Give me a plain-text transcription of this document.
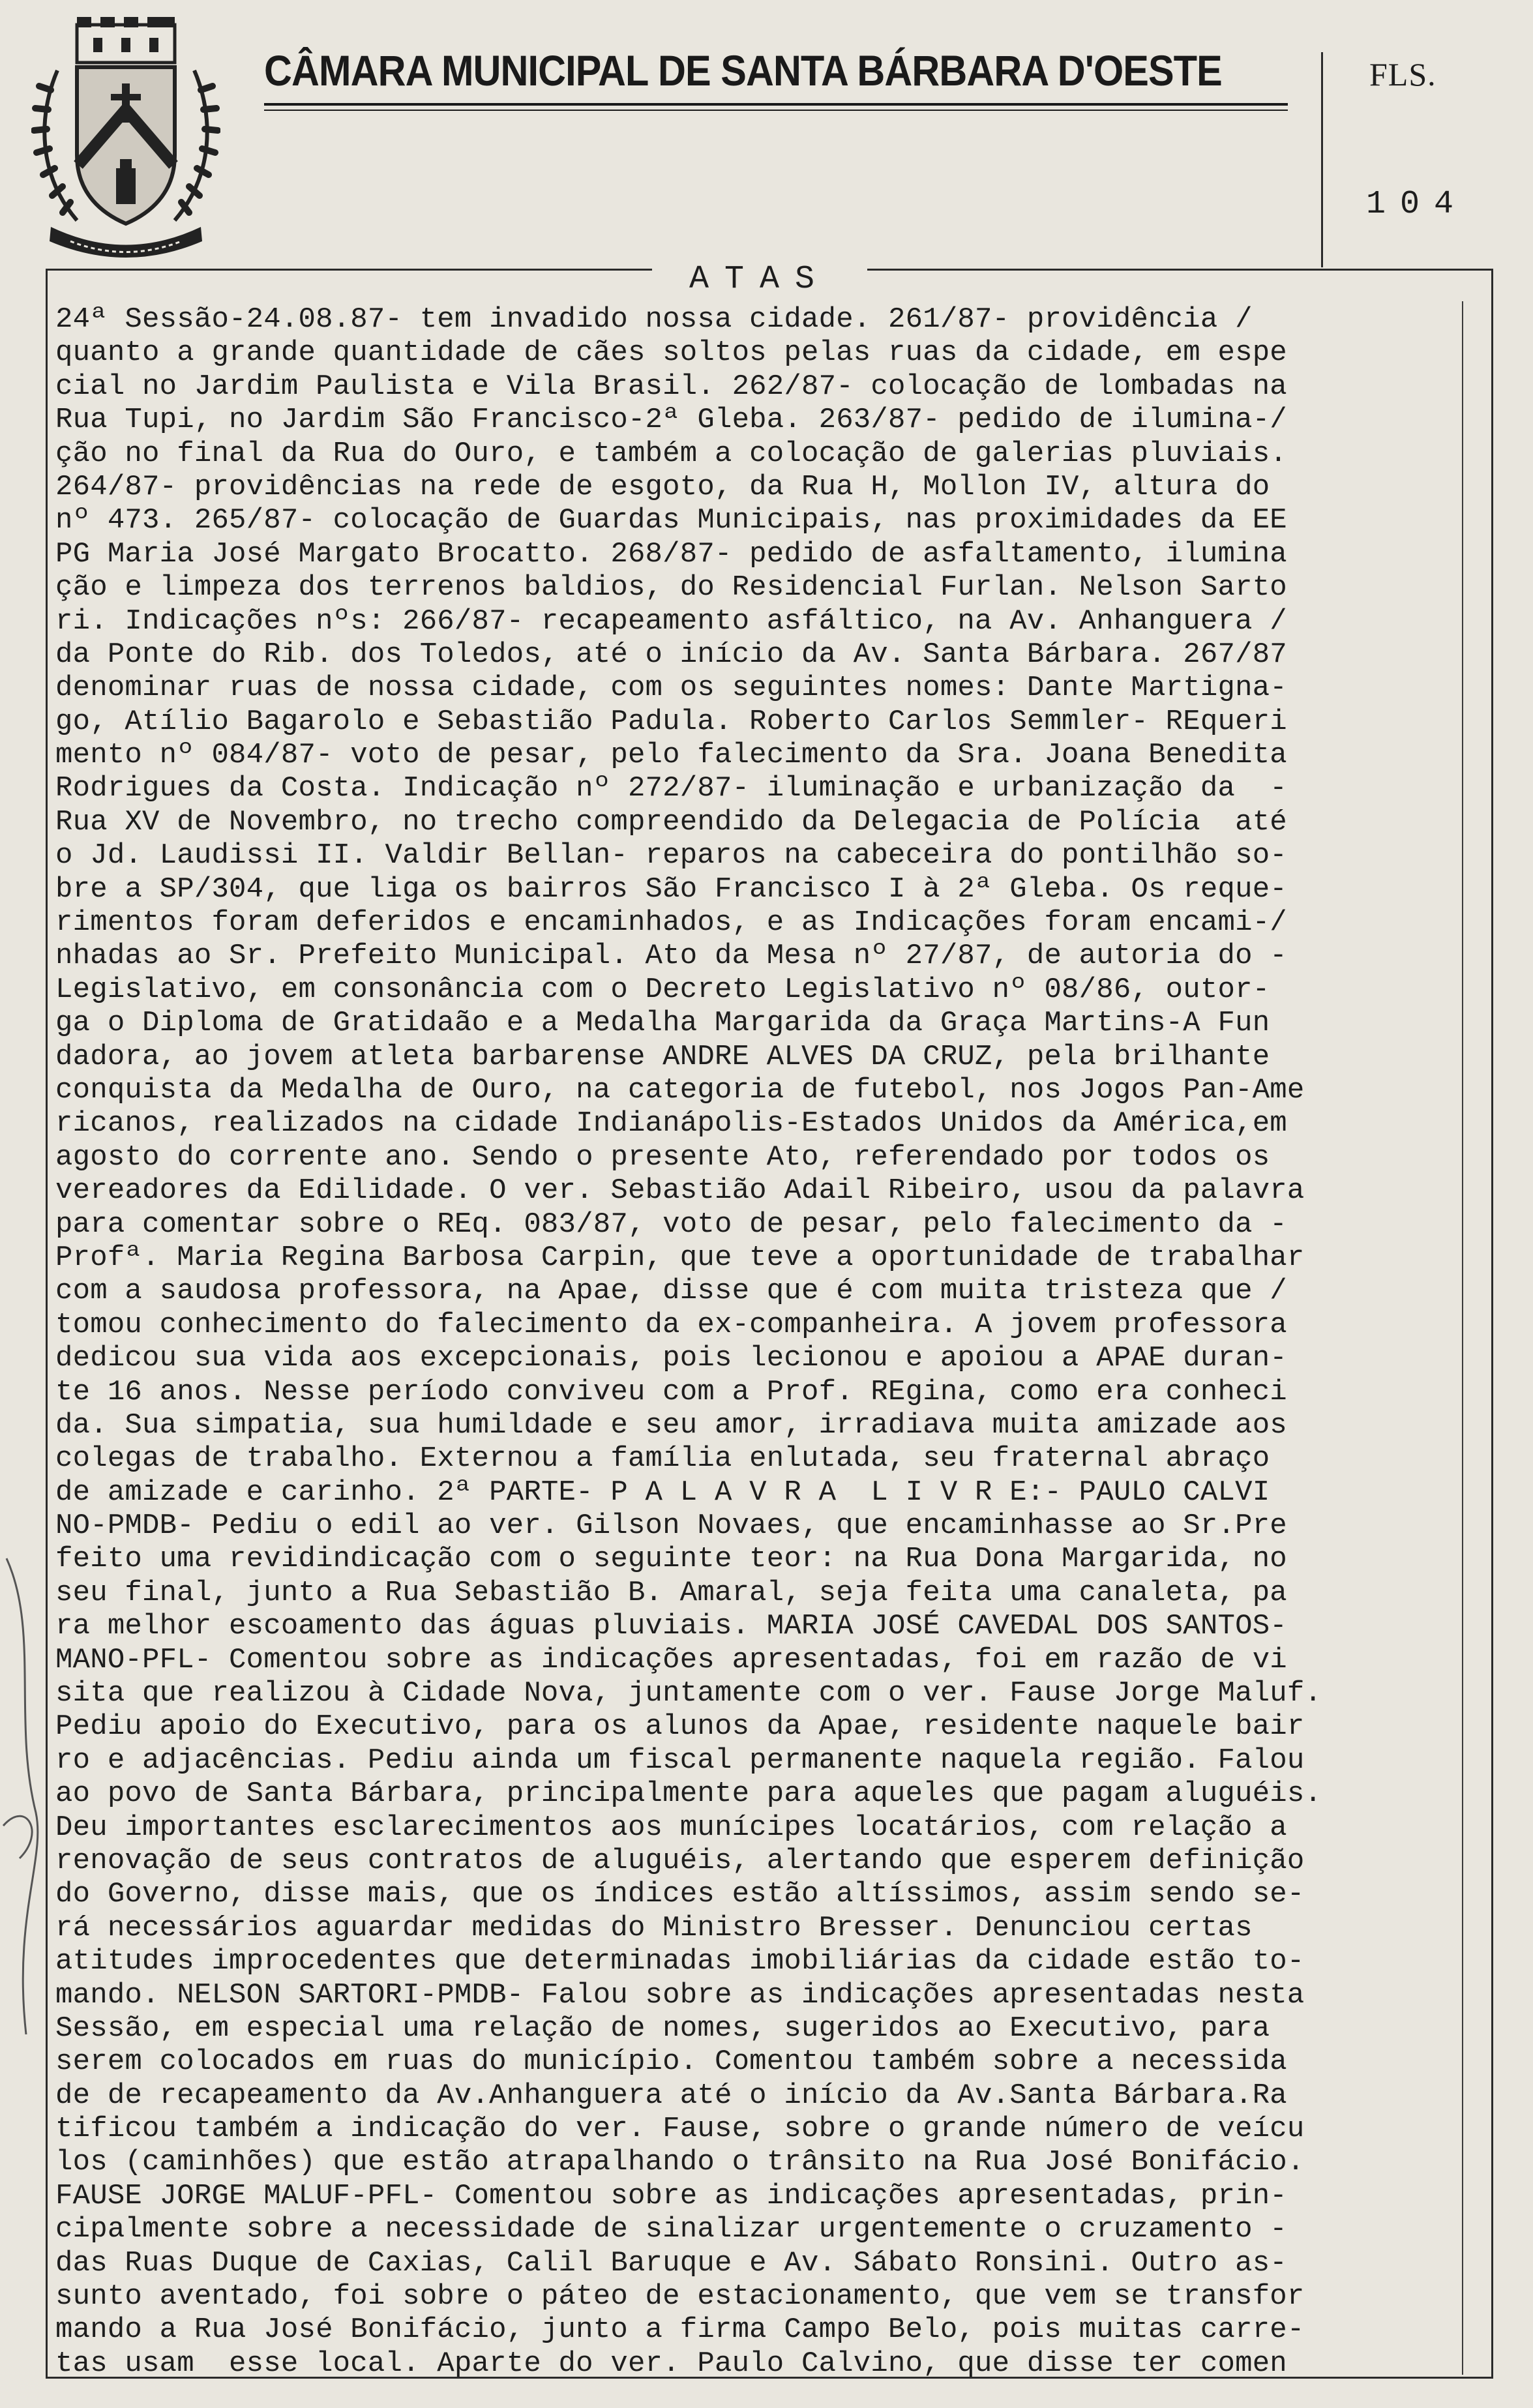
CÂMARA MUNICIPAL DE SANTA BÁRBARA D'OESTE	FLS.
104
ATAS
24ª Sessão-24.08.87- tem invadido nossa cidade. 261/87- providência /
quanto a grande quantidade de cães soltos pelas ruas da cidade, em espe
cial no Jardim Paulista e Vila Brasil. 262/87- colocação de lombadas na
Rua Tupi, no Jardim São Francisco-2ª Gleba. 263/87- pedido de ilumina-/
ção no final da Rua do Ouro, e também a colocação de galerias pluviais.
264/87- providências na rede de esgoto, da Rua H, Mollon IV, altura do
nº 473. 265/87- colocação de Guardas Municipais, nas proximidades da EE
PG Maria José Margato Brocatto. 268/87- pedido de asfaltamento, ilumina
ção e limpeza dos terrenos baldios, do Residencial Furlan. Nelson Sarto
ri. Indicações nºs: 266/87- recapeamento asfáltico, na Av. Anhanguera /
da Ponte do Rib. dos Toledos, até o início da Av. Santa Bárbara. 267/87
denominar ruas de nossa cidade, com os seguintes nomes: Dante Martigna-
go, Atílio Bagarolo e Sebastião Padula. Roberto Carlos Semmler- REqueri
mento nº 084/87- voto de pesar, pelo falecimento da Sra. Joana Benedita
Rodrigues da Costa. Indicação nº 272/87- iluminação e urbanização da  -
Rua XV de Novembro, no trecho compreendido da Delegacia de Polícia  até
o Jd. Laudissi II. Valdir Bellan- reparos na cabeceira do pontilhão so-
bre a SP/304, que liga os bairros São Francisco I à 2ª Gleba. Os reque-
rimentos foram deferidos e encaminhados, e as Indicações foram encami-/
nhadas ao Sr. Prefeito Municipal. Ato da Mesa nº 27/87, de autoria do -
Legislativo, em consonância com o Decreto Legislativo nº 08/86, outor-
ga o Diploma de Gratidaão e a Medalha Margarida da Graça Martins-A Fun
dadora, ao jovem atleta barbarense ANDRE ALVES DA CRUZ, pela brilhante
conquista da Medalha de Ouro, na categoria de futebol, nos Jogos Pan-Ame
ricanos, realizados na cidade Indianápolis-Estados Unidos da América,em
agosto do corrente ano. Sendo o presente Ato, referendado por todos os
vereadores da Edilidade. O ver. Sebastião Adail Ribeiro, usou da palavra
para comentar sobre o REq. 083/87, voto de pesar, pelo falecimento da -
Profª. Maria Regina Barbosa Carpin, que teve a oportunidade de trabalhar
com a saudosa professora, na Apae, disse que é com muita tristeza que /
tomou conhecimento do falecimento da ex-companheira. A jovem professora
dedicou sua vida aos excepcionais, pois lecionou e apoiou a APAE duran-
te 16 anos. Nesse período conviveu com a Prof. REgina, como era conheci
da. Sua simpatia, sua humildade e seu amor, irradiava muita amizade aos
colegas de trabalho. Externou a família enlutada, seu fraternal abraço
de amizade e carinho. 2ª PARTE- P A L A V R A  L I V R E:- PAULO CALVI
NO-PMDB- Pediu o edil ao ver. Gilson Novaes, que encaminhasse ao Sr.Pre
feito uma revidindicação com o seguinte teor: na Rua Dona Margarida, no
seu final, junto a Rua Sebastião B. Amaral, seja feita uma canaleta, pa
ra melhor escoamento das águas pluviais. MARIA JOSÉ CAVEDAL DOS SANTOS-
MANO-PFL- Comentou sobre as indicações apresentadas, foi em razão de vi
sita que realizou à Cidade Nova, juntamente com o ver. Fause Jorge Maluf.
Pediu apoio do Executivo, para os alunos da Apae, residente naquele bair
ro e adjacências. Pediu ainda um fiscal permanente naquela região. Falou
ao povo de Santa Bárbara, principalmente para aqueles que pagam aluguéis.
Deu importantes esclarecimentos aos munícipes locatários, com relação a
renovação de seus contratos de aluguéis, alertando que esperem definição
do Governo, disse mais, que os índices estão altíssimos, assim sendo se-
rá necessários aguardar medidas do Ministro Bresser. Denunciou certas
atitudes improcedentes que determinadas imobiliárias da cidade estão to-
mando. NELSON SARTORI-PMDB- Falou sobre as indicações apresentadas nesta
Sessão, em especial uma relação de nomes, sugeridos ao Executivo, para
serem colocados em ruas do município. Comentou também sobre a necessida
de de recapeamento da Av.Anhanguera até o início da Av.Santa Bárbara.Ra
tificou também a indicação do ver. Fause, sobre o grande número de veícu
los (caminhões) que estão atrapalhando o trânsito na Rua José Bonifácio.
FAUSE JORGE MALUF-PFL- Comentou sobre as indicações apresentadas, prin-
cipalmente sobre a necessidade de sinalizar urgentemente o cruzamento -
das Ruas Duque de Caxias, Calil Baruque e Av. Sábato Ronsini. Outro as-
sunto aventado, foi sobre o páteo de estacionamento, que vem se transfor
mando a Rua José Bonifácio, junto a firma Campo Belo, pois muitas carre-
tas usam  esse local. Aparte do ver. Paulo Calvino, que disse ter comen
